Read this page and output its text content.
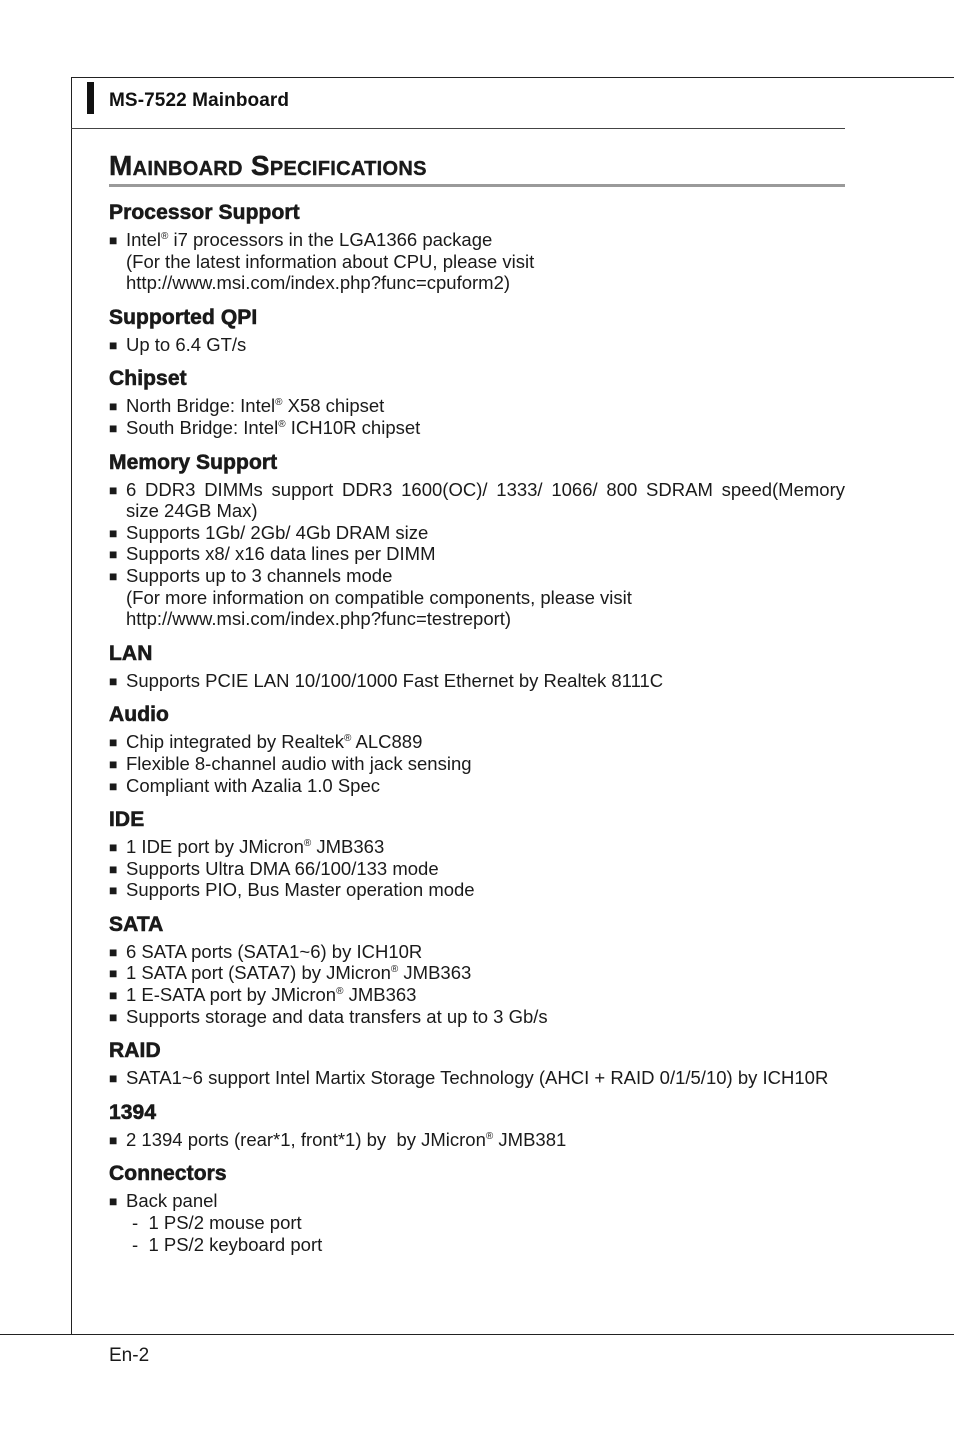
MS-7522 Mainboard
Mainboard Specifications
Processor Support
■ Intel® i7 processors in the LGA1366 package
(For the latest information about CPU, please visit
http://www.msi.com/index.php?func=cpuform2)
Supported QPI
■ Up to 6.4 GT/s
Chipset
■ North Bridge: Intel® X58 chipset
■ South Bridge: Intel® ICH10R chipset
Memory Support
■ 6 DDR3 DIMMs support DDR3 1600(OC)/ 1333/ 1066/ 800 SDRAM speed(Memory size 24GB Max)
■ Supports 1Gb/ 2Gb/ 4Gb DRAM size
■ Supports x8/ x16 data lines per DIMM
■ Supports up to 3 channels mode
(For more information on compatible components, please visit
http://www.msi.com/index.php?func=testreport)
LAN
■ Supports PCIE LAN 10/100/1000 Fast Ethernet by Realtek 8111C
Audio
■ Chip integrated by Realtek® ALC889
■ Flexible 8-channel audio with jack sensing
■ Compliant with Azalia 1.0 Spec
IDE
■ 1 IDE port by JMicron® JMB363
■ Supports Ultra DMA 66/100/133 mode
■ Supports PIO, Bus Master operation mode
SATA
■ 6 SATA ports (SATA1~6) by ICH10R
■ 1 SATA port (SATA7) by JMicron® JMB363
■ 1 E-SATA port by JMicron® JMB363
■ Supports storage and data transfers at up to 3 Gb/s
RAID
■ SATA1~6 support Intel Martix Storage Technology (AHCI + RAID 0/1/5/10) by ICH10R
1394
■ 2 1394 ports (rear*1, front*1) by  by JMicron® JMB381
Connectors
■ Back panel
-  1 PS/2 mouse port
-  1 PS/2 keyboard port
En-2
